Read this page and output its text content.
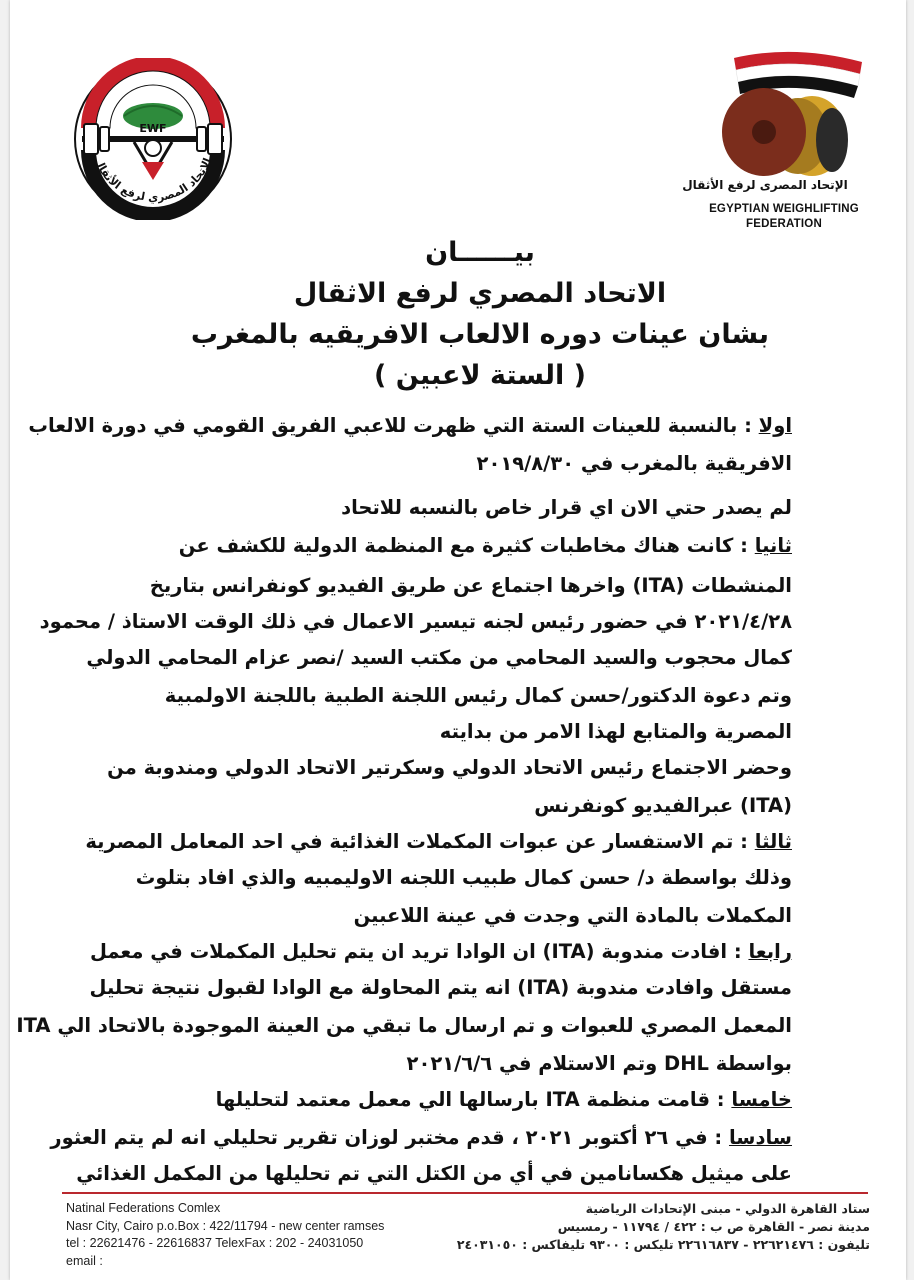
EWF
الاتحاد المصري لرفع الأثقال
الإتحاد المصرى لرفع الأثقال
EGYPTIAN WEIGHLIFTING
FEDERATION
بيــــــان
الاتحاد المصري لرفع الاثقال
بشان عينات دوره الالعاب الافريقيه بالمغرب
( الستة لاعبين )
اولا : بالنسبة للعينات الستة التي ظهرت للاعبي الفريق القومي في دورة الالعاب
الافريقية بالمغرب في ٢٠١٩/٨/٣٠
لم يصدر حتي الان اي قرار خاص بالنسبه للاتحاد
ثانيا : كانت هناك مخاطبات كثيرة مع المنظمة الدولية للكشف عن
المنشطات (ITA) واخرها اجتماع عن طريق الفيديو كونفرانس بتاريخ
٢٠٢١/٤/٢٨ في حضور رئيس لجنه تيسير الاعمال في ذلك الوقت الاستاذ / محمود
كمال محجوب والسيد المحامي من مكتب السيد /نصر عزام المحامي الدولي
وتم دعوة الدكتور/حسن كمال رئيس اللجنة الطبية باللجنة الاولمبية
المصرية والمتابع لهذا الامر من بدايته
وحضر الاجتماع رئيس الاتحاد الدولي وسكرتير الاتحاد الدولي ومندوبة من
(ITA) عبرالفيديو كونفرنس
ثالثا : تم الاستفسار عن عبوات المكملات الغذائية في احد المعامل المصرية
وذلك بواسطة د/ حسن كمال طبيب اللجنه الاوليمبيه والذي افاد بتلوث
المكملات بالمادة التي وجدت في عينة اللاعبين
رابعا : افادت مندوبة (ITA) ان الوادا تريد ان يتم تحليل المكملات في معمل
مستقل وافادت مندوبة (ITA) انه يتم المحاولة مع الوادا لقبول نتيجة تحليل
المعمل المصري للعبوات و تم ارسال ما تبقي من العينة الموجودة بالاتحاد الي ITA
بواسطة DHL وتم الاستلام في ٢٠٢١/٦/٦
خامسا : قامت منظمة ITA بارسالها الي معمل معتمد لتحليلها
سادسا : في ٢٦ أكتوبر ٢٠٢١ ، قدم مختبر لوزان تقرير تحليلي انه لم يتم العثور
على ميثيل هكسانامين في أي من الكتل التي تم تحليلها من المكمل الغذائي
Natinal Federations Comlex
Nasr City, Cairo p.o.Box : 422/11794 - new center ramses
tel : 22621476 - 22616837 TelexFax : 202 - 24031050
email :
ستاد القاهرة الدولي - مبنى الإتحادات الرياضية
مدينة نصر - القاهرة ص ب : ٤٢٢ / ١١٧٩٤ - رمسيس
تليفون : ٢٢٦٢١٤٧٦ - ٢٢٦١٦٨٣٧ تليكس : ٩٣٠٠ تليفاكس : ٢٤٠٣١٠٥٠
